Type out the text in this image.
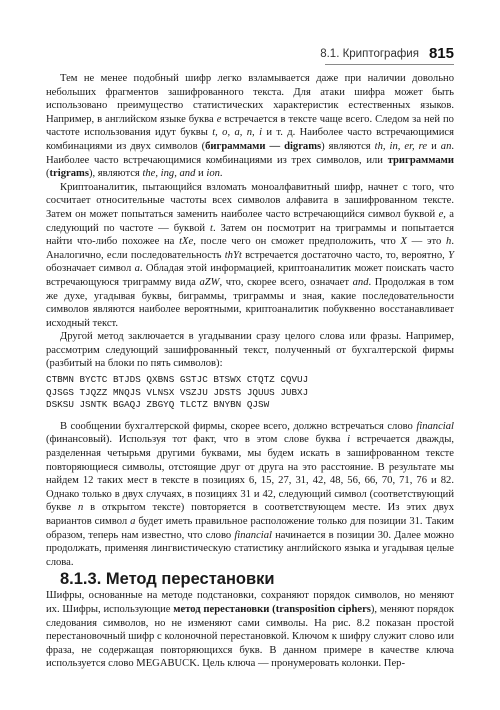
8.1. Криптография 815

Тем не менее подобный шифр легко взламывается даже при наличии довольно небольших фрагментов зашифрованного текста. Для атаки шифра может быть использовано преимущество статистических характеристик естественных языков. Например, в английском языке буква e встречается в тексте чаще всего. Следом за ней по частоте использования идут буквы t, o, a, n, i и т. д. Наиболее часто встречающимися комбинациями из двух символов (биграммами — digrams) являются th, in, er, re и an. Наиболее часто встречающимися комбинациями из трех символов, или триграммами (trigrams), являются the, ing, and и ion.

Криптоаналитик, пытающийся взломать моноалфавитный шифр, начнет с того, что сосчитает относительные частоты всех символов алфавита в зашифрованном тексте. Затем он может попытаться заменить наиболее часто встречающийся символ буквой e, а следующий по частоте — буквой t. Затем он посмотрит на триграммы и попытается найти что-либо похожее на tXe, после чего он сможет предположить, что X — это h. Аналогично, если последовательность thYt встречается достаточно часто, то, вероятно, Y обозначает символ a. Обладая этой информацией, криптоаналитик может поискать часто встречающуюся триграмму вида aZW, что, скорее всего, означает and. Продолжая в том же духе, угадывая буквы, биграммы, триграммы и зная, какие последовательности символов являются наиболее вероятными, криптоаналитик побуквенно восстанавливает исходный текст.

Другой метод заключается в угадывании сразу целого слова или фразы. Например, рассмотрим следующий зашифрованный текст, полученный от бухгалтерской фирмы (разбитый на блоки по пять символов):

CTBMN BYCTC BTJDS QXBNS GSTJC BTSWX CTQTZ CQVUJ
QJSGS TJQZZ MNQJS VLNSX VSZJU JDSTS JQUUS JUBXJ
DSKSU JSNTK BGAQJ ZBGYQ TLCTZ BNYBN QJSW

В сообщении бухгалтерской фирмы, скорее всего, должно встречаться слово financial (финансовый). Используя тот факт, что в этом слове буква i встречается дважды, разделенная четырьмя другими буквами, мы будем искать в зашифрованном тексте повторяющиеся символы, отстоящие друг от друга на это расстояние. В результате мы найдем 12 таких мест в тексте в позициях 6, 15, 27, 31, 42, 48, 56, 66, 70, 71, 76 и 82. Однако только в двух случаях, в позициях 31 и 42, следующий символ (соответствующий букве n в открытом тексте) повторяется в соответствующем месте. Из этих двух вариантов символ a будет иметь правильное расположение только для позиции 31. Таким образом, теперь нам известно, что слово financial начинается в позиции 30. Далее можно продолжать, применяя лингвистическую статистику английского языка и угадывая целые слова.

8.1.3. Метод перестановки

Шифры, основанные на методе подстановки, сохраняют порядок символов, но меняют их. Шифры, использующие метод перестановки (transposition ciphers), меняют порядок следования символов, но не изменяют сами символы. На рис. 8.2 показан простой перестановочный шифр с колоночной перестановкой. Ключом к шифру служит слово или фраза, не содержащая повторяющихся букв. В данном примере в качестве ключа используется слово MEGABUCK. Цель ключа — пронумеровать колонки. Пер-
